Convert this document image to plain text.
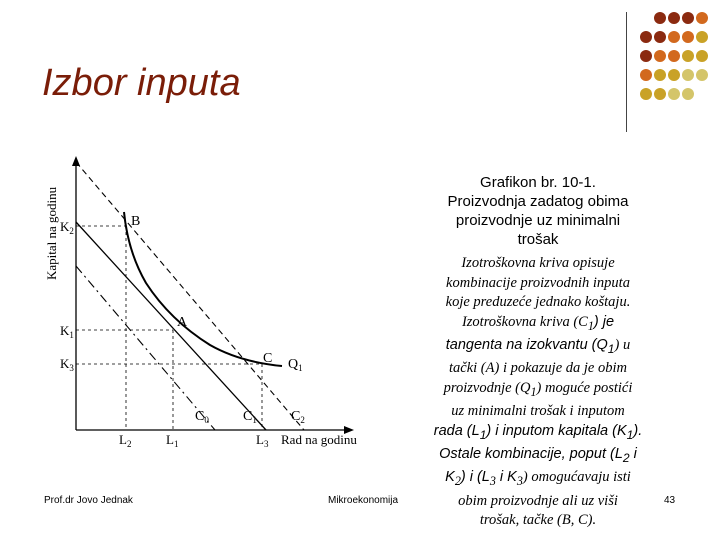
Izbor inputa
B
A
C $Q_1$
$C_0$ $C_1$ $C_2$
$K_2$
$K_1$
$K_3$
$L_2$	$L_1$	$L_3$ Rad na godinu
Kapital na godinu
Grafikon br. 10-1.
Proizvodnja zadatog obima
proizvodnje uz minimalni
trošak
Izotroškovna kriva opisuje
kombinacije proizvodnih inputa
koje preduzeće jednako koštaju.
Izotroškovna kriva $(C_1)$ je
tangenta na izokvantu $(Q_1)$ u
tački (A) i pokazuje da je obim
proizvodnje $(Q_1)$ moguće postići
uz minimalni trošak i inputom
rada $(L_1)$ i inputom kapitala $(K_1)$.
Ostale kombinacije, poput ($L_2$ i
$K_2$) i ($L_3$ i $K_3$) omogućavaju isti
obim proizvodnje ali uz viši
trošak, tačke (B, C).
Prof.dr Jovo Jednak	Mikroekonomija	43
